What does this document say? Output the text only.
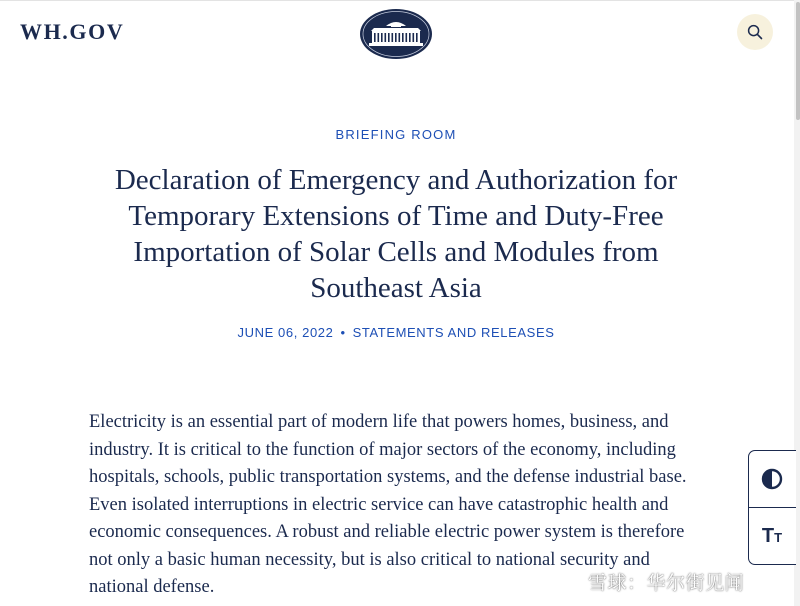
WH.GOV
BRIEFING ROOM
Declaration of Emergency and Authorization for Temporary Extensions of Time and Duty-Free Importation of Solar Cells and Modules from Southeast Asia
JUNE 06, 2022 • STATEMENTS AND RELEASES

Electricity is an essential part of modern life that powers homes, business, and industry. It is critical to the function of major sectors of the economy, including hospitals, schools, public transportation systems, and the defense industrial base. Even isolated interruptions in electric service can have catastrophic health and economic consequences. A robust and reliable electric power system is therefore not only a basic human necessity, but is also critical to national security and national defense.

TT
雪球：华尔街见闻
